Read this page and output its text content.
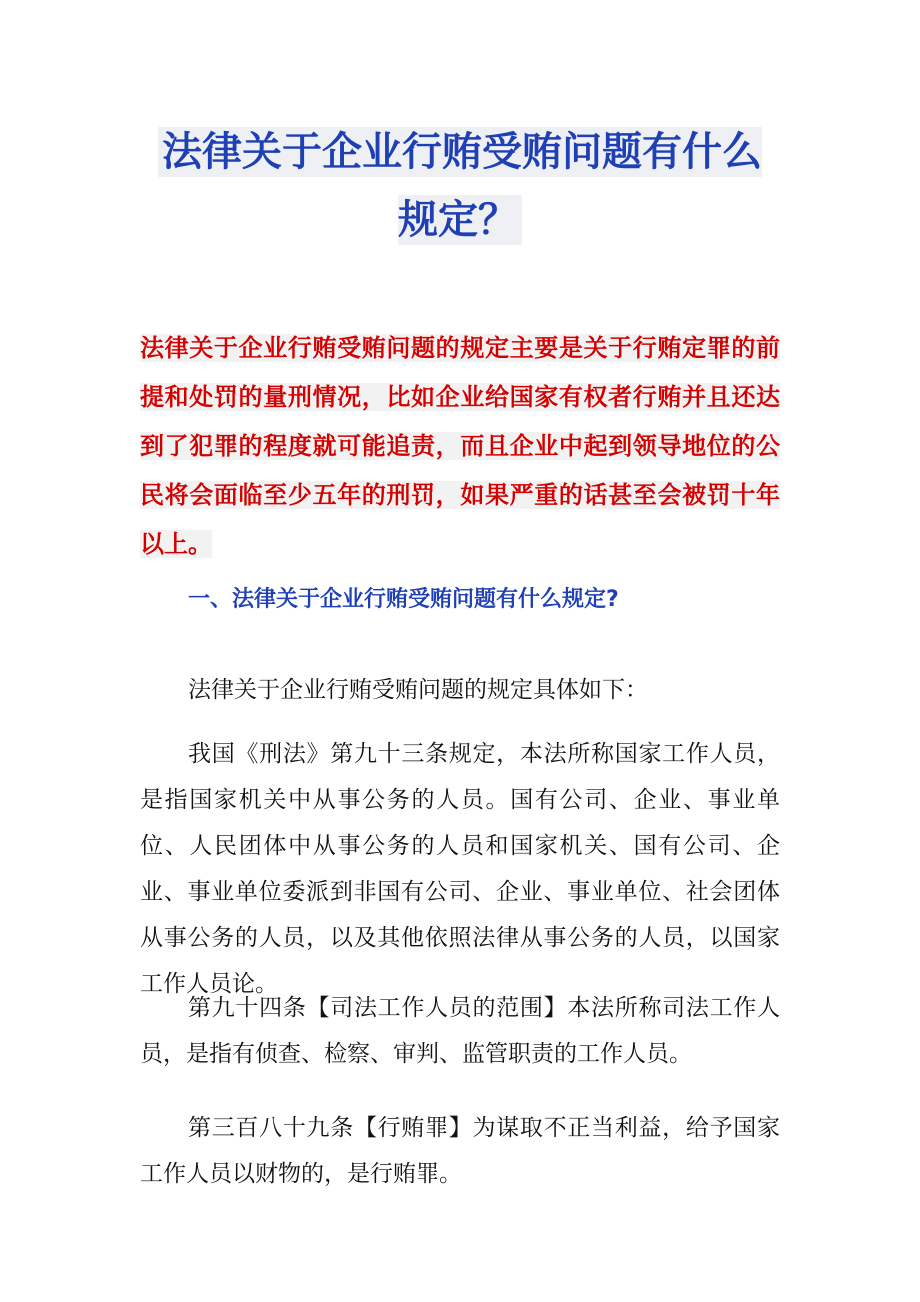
法律关于企业行贿受贿问题有什么规定？
法律关于企业行贿受贿问题的规定主要是关于行贿定罪的前提和处罚的量刑情况，比如企业给国家有权者行贿并且还达到了犯罪的程度就可能追责，而且企业中起到领导地位的公民将会面临至少五年的刑罚，如果严重的话甚至会被罚十年以上。
一、法律关于企业行贿受贿问题有什么规定?

法律关于企业行贿受贿问题的规定具体如下：

我国《刑法》第九十三条规定，本法所称国家工作人员，是指国家机关中从事公务的人员。国有公司、企业、事业单位、人民团体中从事公务的人员和国家机关、国有公司、企业、事业单位委派到非国有公司、企业、事业单位、社会团体从事公务的人员，以及其他依照法律从事公务的人员，以国家工作人员论。

第九十四条【司法工作人员的范围】本法所称司法工作人员，是指有侦查、检察、审判、监管职责的工作人员。

第三百八十九条【行贿罪】为谋取不正当利益，给予国家工作人员以财物的，是行贿罪。
